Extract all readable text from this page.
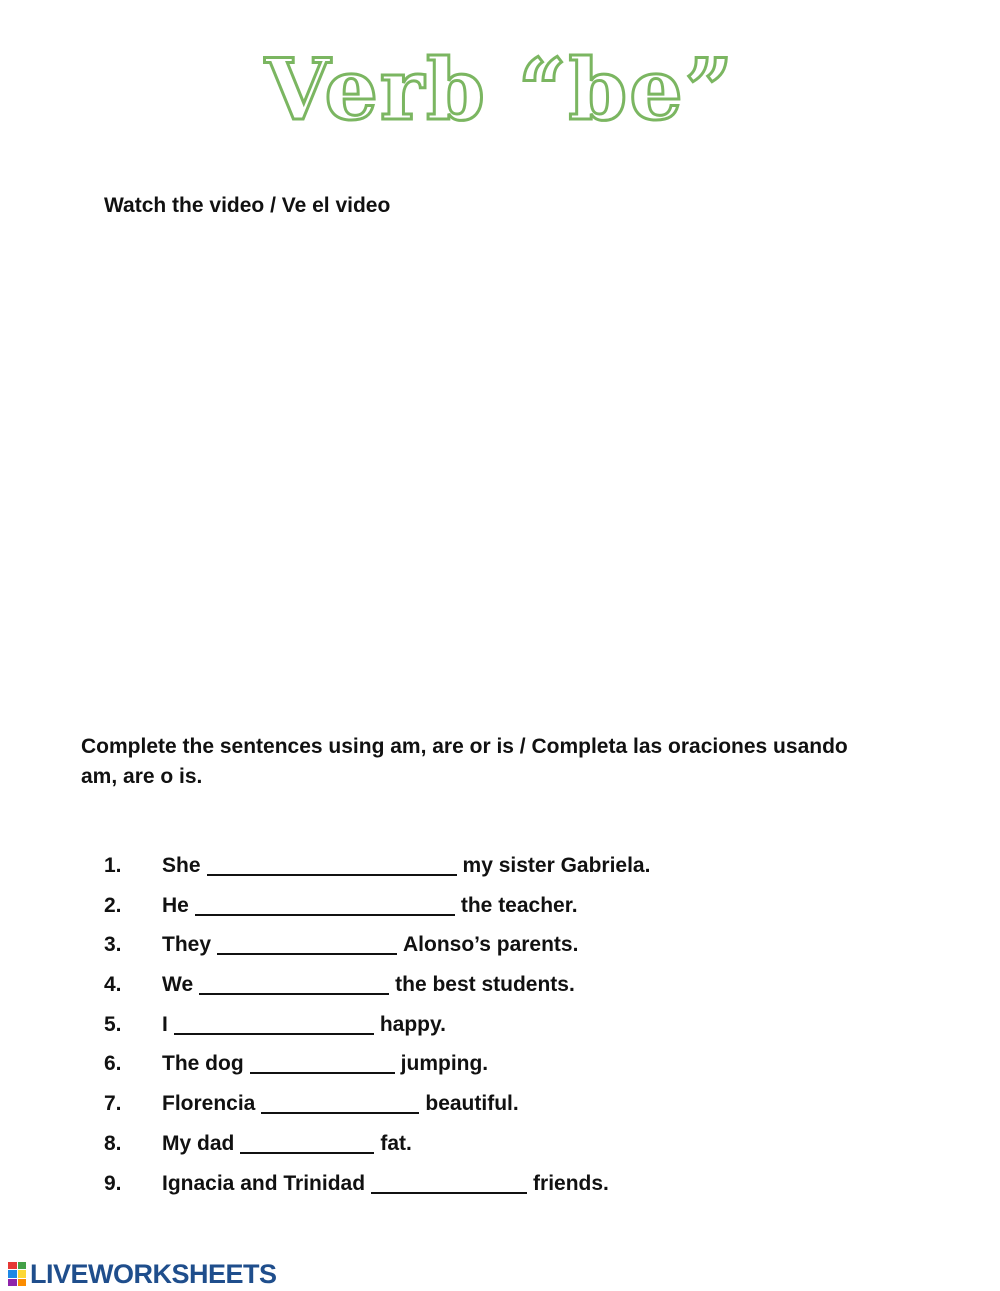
Verb “be”
Watch the video / Ve el video
Complete the sentences using am, are or is / Completa las oraciones usando am, are o is.
1.	She	my sister Gabriela.
2.	He	the teacher.
3.	They	Alonso’s parents.
4.	We	the best students.
5.	I	happy.
6.	The dog	jumping.
7.	Florencia	beautiful.
8.	My dad	fat.
9.	Ignacia and Trinidad	friends.
LIVEWORKSHEETS
